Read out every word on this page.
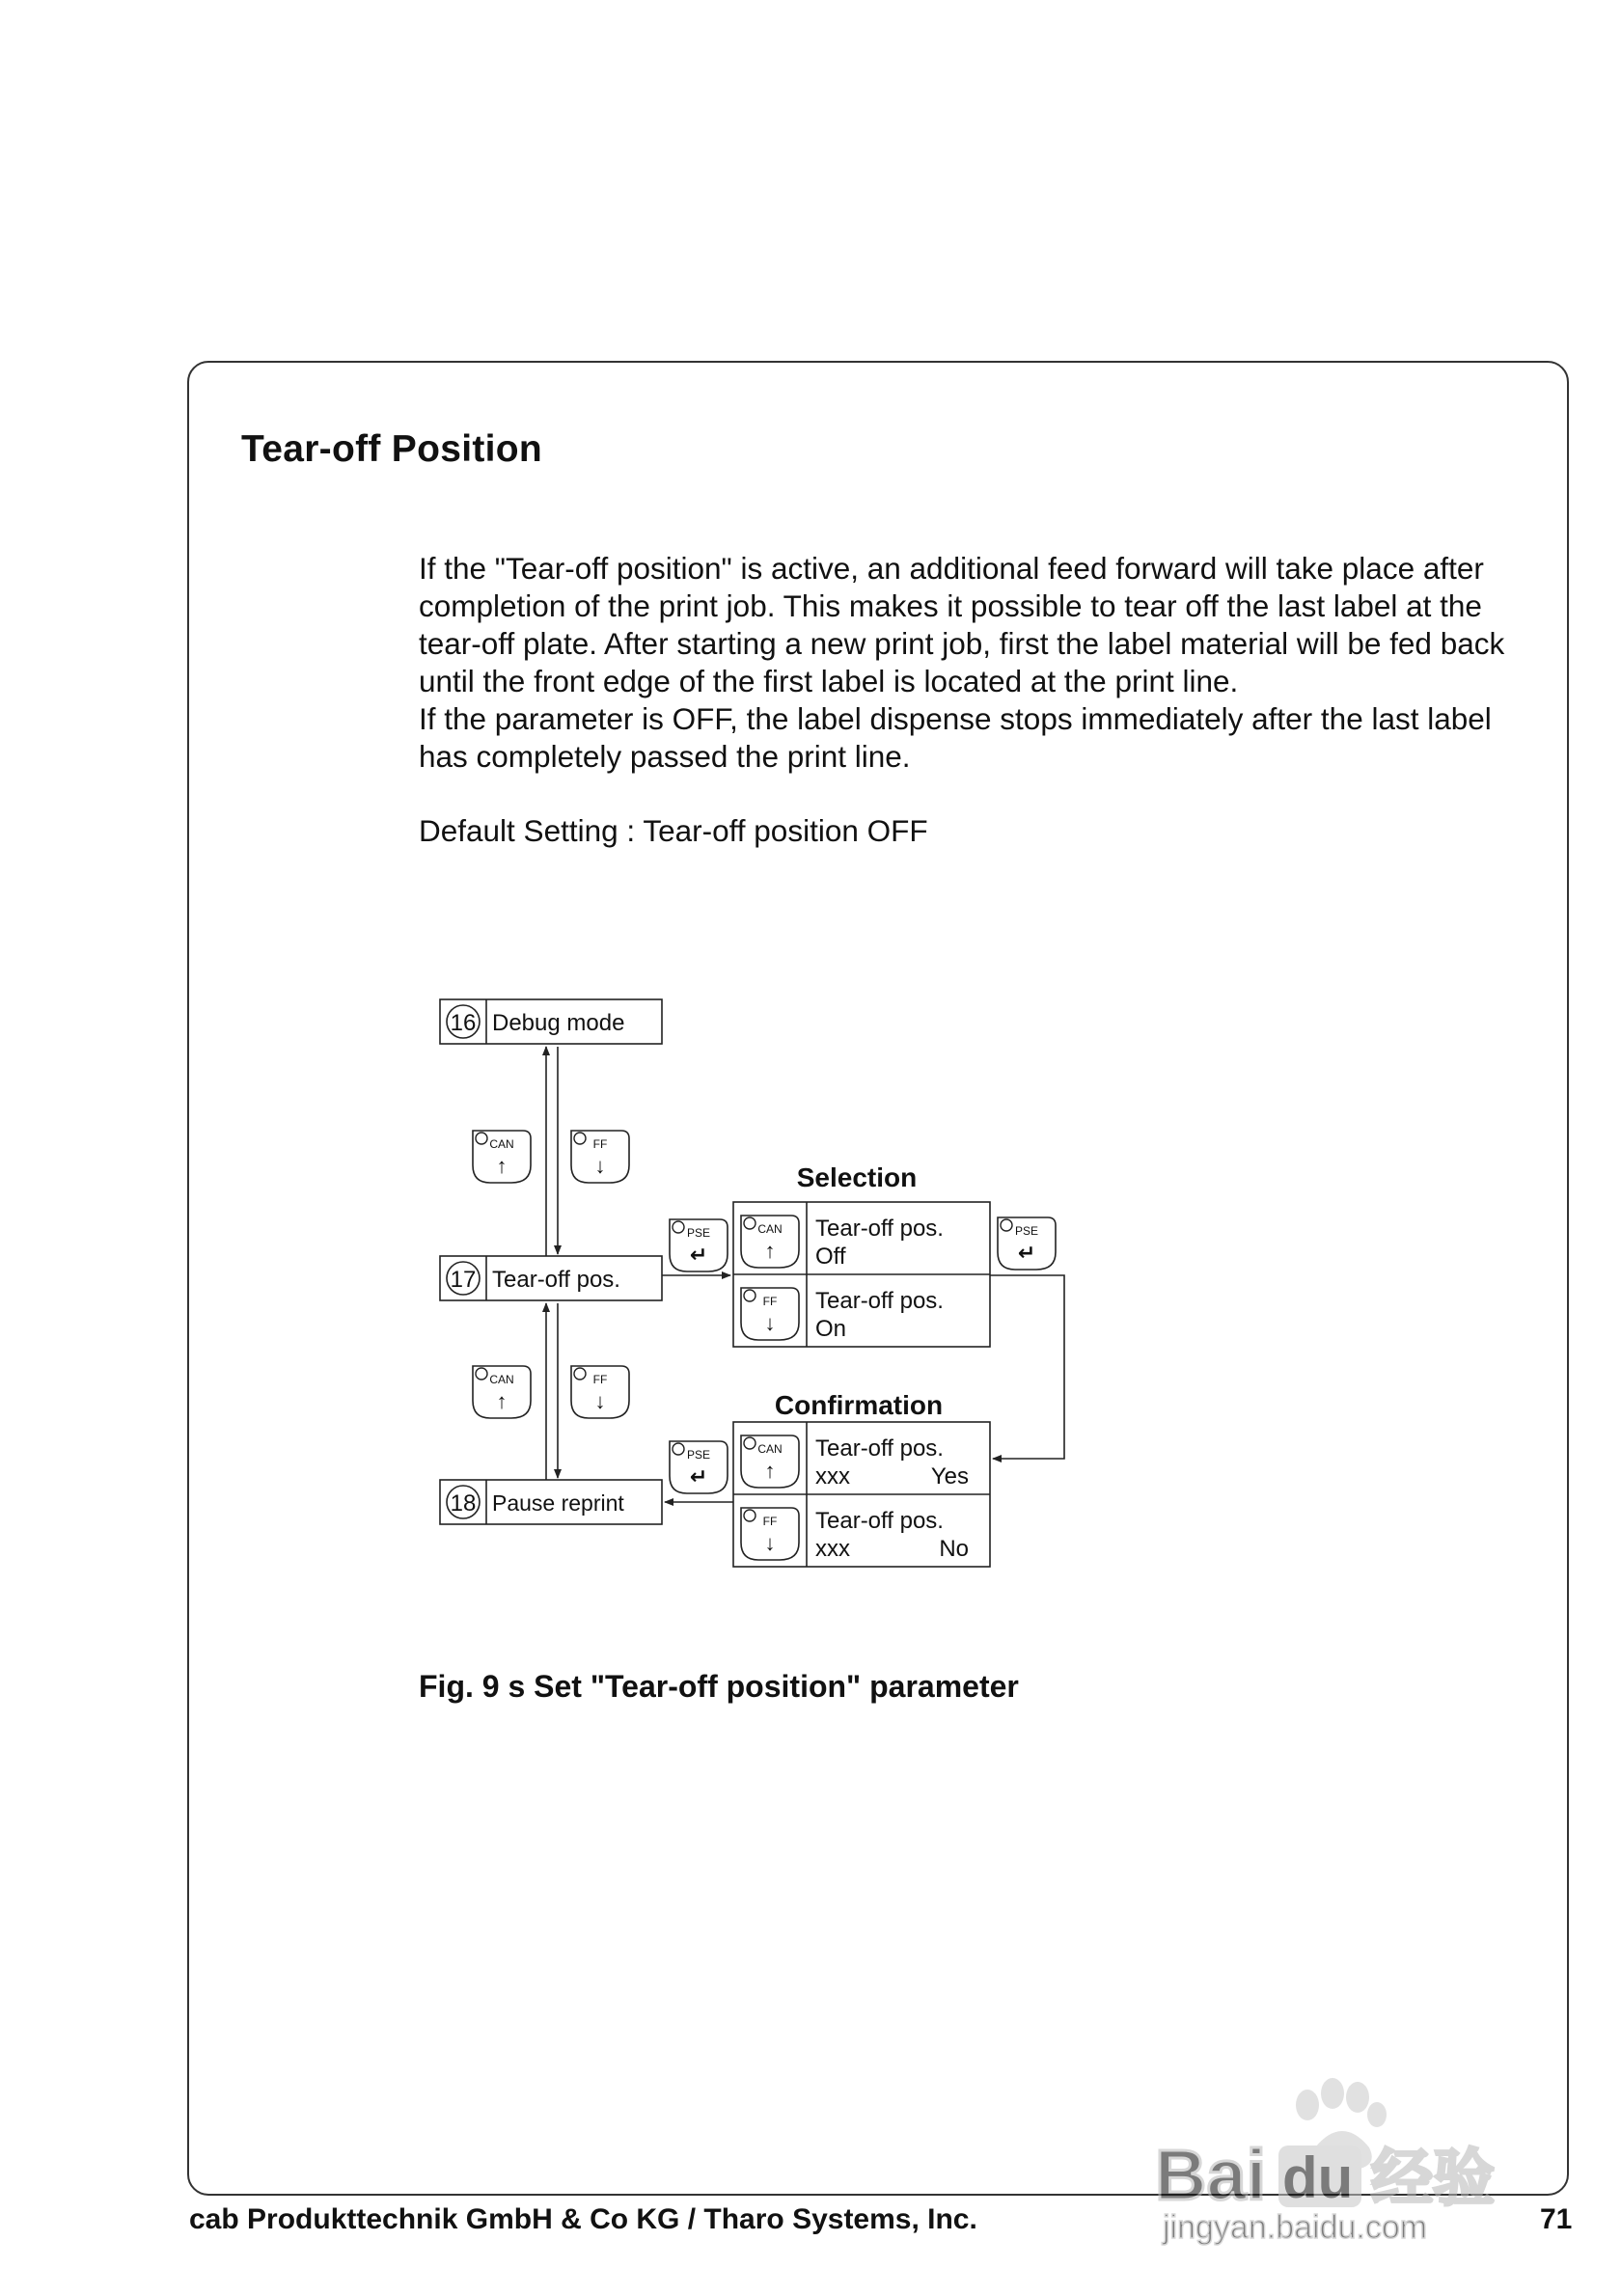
Tear-off Position

If the "Tear-off position" is active, an additional feed forward will take place after completion of the print job. This makes it possible to tear off the last label at the tear-off plate. After starting a new print job, first the label material will be fed back until the front edge of the first label is located at the print line.

If the parameter is OFF, the label dispense stops immediately after the last label has completely passed the print line.

Default Setting : Tear-off position OFF
16 Debug mode
17 Tear-off pos.
18 Pause reprint
CAN
↑
FF
↓
CAN
↑
FF
↓
Selection
PSE
↵
PSE
↵
PSE
↵
CAN
↑
FF
↓
Tear-off pos.
Off
Tear-off pos.
On
Confirmation
CAN
↑
FF
↓
Tear-off pos.
xxx	Yes
Tear-off pos.
xxx	No
Fig. 9 s Set "Tear-off position" parameter
cab Produkttechnik GmbH & Co KG / Tharo Systems, Inc.	71
Bai du 经验
jingyan.baidu.com
